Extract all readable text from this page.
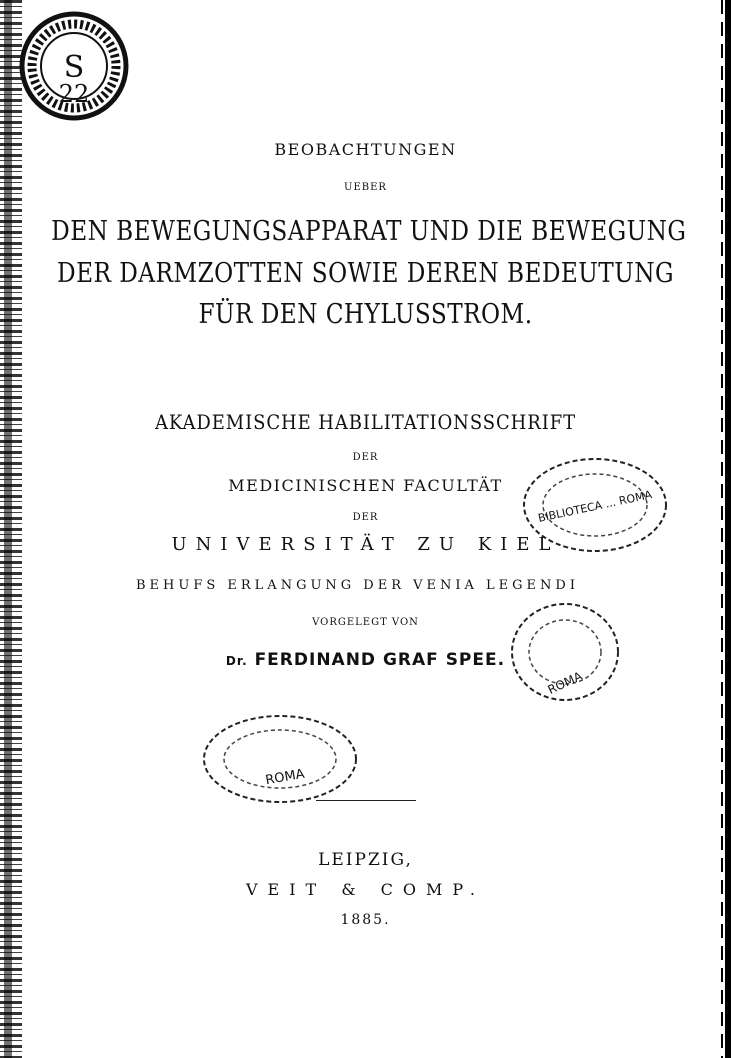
S
22
BEOBACHTUNGEN
UEBER
DEN BEWEGUNGSAPPARAT UND DIE BEWEGUNG
DER DARMZOTTEN SOWIE DEREN BEDEUTUNG
FÜR DEN CHYLUSSTROM.
AKADEMISCHE HABILITATIONSSCHRIFT
DER
MEDICINISCHEN FACULTÄT
DER
UNIVERSITÄT ZU KIEL
BEHUFS ERLANGUNG DER VENIA LEGENDI
VORGELEGT VON
Dr. FERDINAND GRAF SPEE.
BIBLIOTECA ... ROMA
ROMA
ROMA
LEIPZIG,
VEIT & COMP.
1885.
